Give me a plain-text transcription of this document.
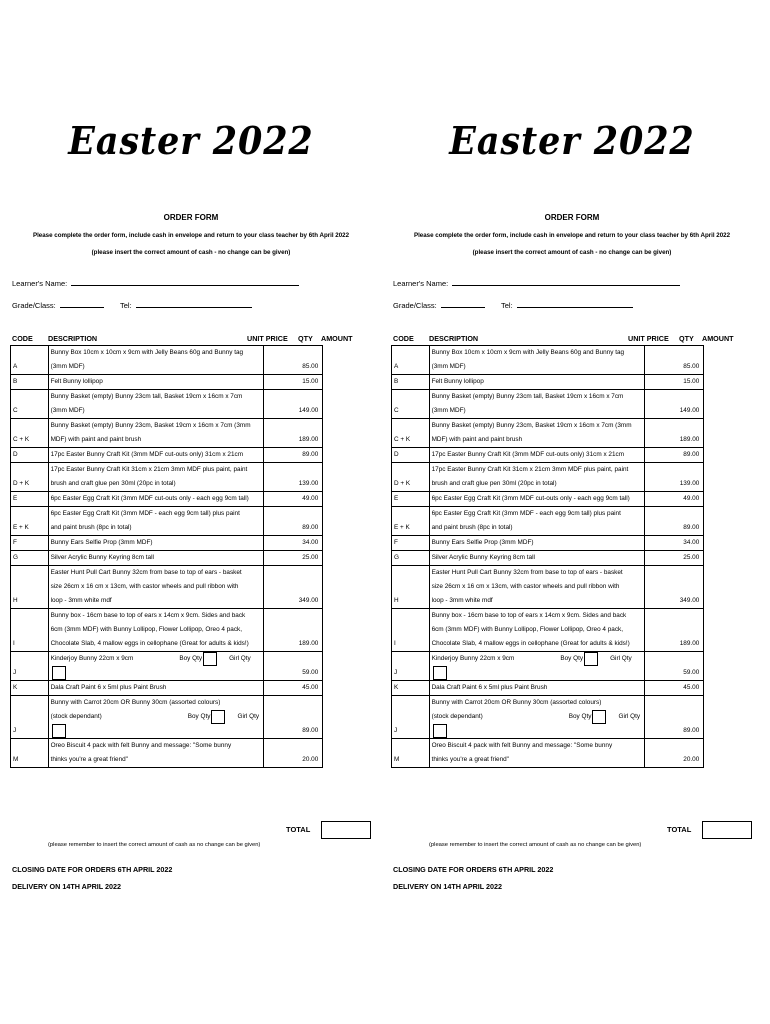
Easter 2022
ORDER FORM
Please complete the order form, include cash in envelope and return to your class teacher by 6th April 2022
(please insert the correct amount of cash - no change can be given)
Learner's Name:
Grade/Class:	Tel:
CODE DESCRIPTION	UNIT PRICE QTY AMOUNT
A	Bunny Box 10cm x 10cm x 9cm with Jelly Beans 60g and Bunny tag
(3mm MDF)	85.00	
B	Felt Bunny lollipop	15.00	
C	Bunny Basket (empty) Bunny 23cm tall, Basket 19cm x 16cm x 7cm
(3mm MDF)	149.00	
C + K	Bunny Basket (empty) Bunny 23cm, Basket 19cm x 16cm x 7cm (3mm
MDF) with paint and paint brush	189.00	
D	17pc Easter Bunny Craft Kit (3mm MDF cut-outs only) 31cm x 21cm	89.00	
D + K	17pc Easter Bunny Craft Kit 31cm x 21cm 3mm MDF plus paint, paint
brush and craft glue pen 30ml (20pc in total)	139.00	
E	6pc Easter Egg Craft Kit (3mm MDF cut-outs only - each egg 9cm tall)	49.00	
E + K	6pc Easter Egg Craft Kit (3mm MDF - each egg 9cm tall) plus paint
and paint brush (8pc in total)	89.00	
F	Bunny Ears Selfie Prop (3mm MDF)	34.00	
G	Silver Acrylic Bunny Keyring 8cm tall	25.00	
H	Easter Hunt Pull Cart Bunny 32cm from base to top of ears - basket
size 26cm x 16 cm x 13cm, with castor wheels and pull ribbon with
loop - 3mm white mdf	349.00	
I	Bunny box - 16cm base to top of ears x 14cm x 9cm. Sides and back
6cm (3mm MDF) with Bunny Lollipop, Flower Lollipop, Oreo 4 pack,
Chocolate Slab, 4 mallow eggs in cellophane (Great for adults & kids!)	189.00	
J	Kinderjoy Bunny 22cm x 9cm Boy Qty Girl Qty	59.00	
K	Dala Craft Paint 6 x 5ml plus Paint Brush	45.00	
J	Bunny with Carrot 20cm OR Bunny 30cm (assorted colours)
(stock dependant) Boy Qty Girl Qty	89.00	
M	Oreo Biscuit 4 pack with felt Bunny and message: "Some bunny
thinks you're a great friend"	20.00	
TOTAL
(please remember to insert the correct amount of cash as no change can be given)
CLOSING DATE FOR ORDERS 6TH APRIL 2022
DELIVERY ON 14TH APRIL 2022
Easter 2022
ORDER FORM
Please complete the order form, include cash in envelope and return to your class teacher by 6th April 2022
(please insert the correct amount of cash - no change can be given)
Learner's Name:
Grade/Class:	Tel:
CODE DESCRIPTION	UNIT PRICE QTY AMOUNT
A	Bunny Box 10cm x 10cm x 9cm with Jelly Beans 60g and Bunny tag
(3mm MDF)	85.00	
B	Felt Bunny lollipop	15.00	
C	Bunny Basket (empty) Bunny 23cm tall, Basket 19cm x 16cm x 7cm
(3mm MDF)	149.00	
C + K	Bunny Basket (empty) Bunny 23cm, Basket 19cm x 16cm x 7cm (3mm
MDF) with paint and paint brush	189.00	
D	17pc Easter Bunny Craft Kit (3mm MDF cut-outs only) 31cm x 21cm	89.00	
D + K	17pc Easter Bunny Craft Kit 31cm x 21cm 3mm MDF plus paint, paint
brush and craft glue pen 30ml (20pc in total)	139.00	
E	6pc Easter Egg Craft Kit (3mm MDF cut-outs only - each egg 9cm tall)	49.00	
E + K	6pc Easter Egg Craft Kit (3mm MDF - each egg 9cm tall) plus paint
and paint brush (8pc in total)	89.00	
F	Bunny Ears Selfie Prop (3mm MDF)	34.00	
G	Silver Acrylic Bunny Keyring 8cm tall	25.00	
H	Easter Hunt Pull Cart Bunny 32cm from base to top of ears - basket
size 26cm x 16 cm x 13cm, with castor wheels and pull ribbon with
loop - 3mm white mdf	349.00	
I	Bunny box - 16cm base to top of ears x 14cm x 9cm. Sides and back
6cm (3mm MDF) with Bunny Lollipop, Flower Lollipop, Oreo 4 pack,
Chocolate Slab, 4 mallow eggs in cellophane (Great for adults & kids!)	189.00	
J	Kinderjoy Bunny 22cm x 9cm Boy Qty Girl Qty	59.00	
K	Dala Craft Paint 6 x 5ml plus Paint Brush	45.00	
J	Bunny with Carrot 20cm OR Bunny 30cm (assorted colours)
(stock dependant) Boy Qty Girl Qty	89.00	
M	Oreo Biscuit 4 pack with felt Bunny and message: "Some bunny
thinks you're a great friend"	20.00	
TOTAL
(please remember to insert the correct amount of cash as no change can be given)
CLOSING DATE FOR ORDERS 6TH APRIL 2022
DELIVERY ON 14TH APRIL 2022
